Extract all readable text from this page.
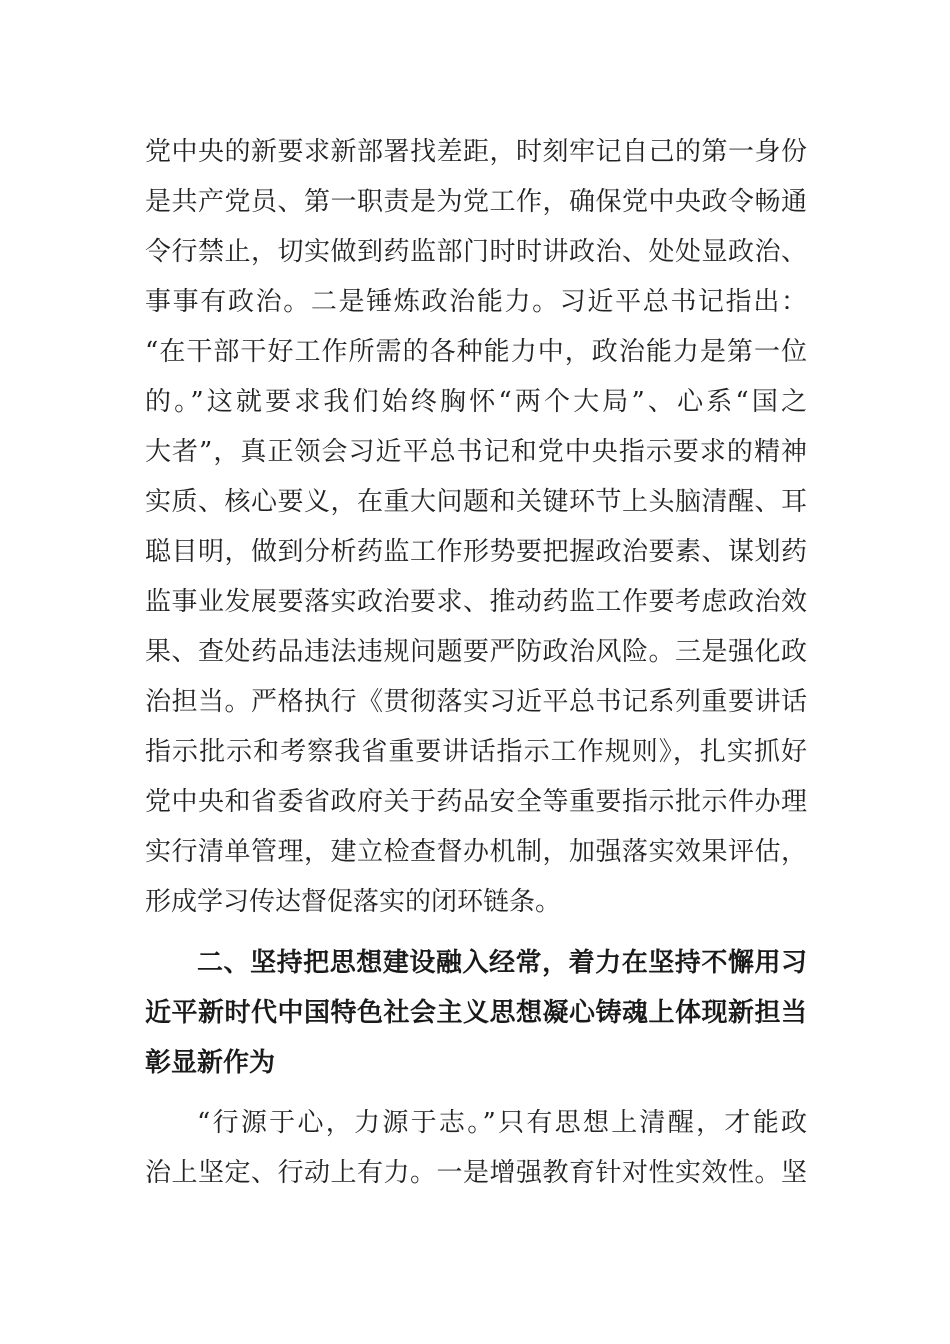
党中央的新要求新部署找差距，时刻牢记自己的第一身份
是共产党员、第一职责是为党工作，确保党中央政令畅通
令行禁止，切实做到药监部门时时讲政治、处处显政治、
事事有政治。二是锤炼政治能力。习近平总书记指出：
“在干部干好工作所需的各种能力中，政治能力是第一位
的。”这就要求我们始终胸怀“两个大局”、心系“国之
大者”，真正领会习近平总书记和党中央指示要求的精神
实质、核心要义，在重大问题和关键环节上头脑清醒、耳
聪目明，做到分析药监工作形势要把握政治要素、谋划药
监事业发展要落实政治要求、推动药监工作要考虑政治效
果、查处药品违法违规问题要严防政治风险。三是强化政
治担当。严格执行《贯彻落实习近平总书记系列重要讲话
指示批示和考察我省重要讲话指示工作规则》，扎实抓好
党中央和省委省政府关于药品安全等重要指示批示件办理
实行清单管理，建立检查督办机制，加强落实效果评估，
形成学习传达督促落实的闭环链条。
二、坚持把思想建设融入经常，着力在坚持不懈用习
近平新时代中国特色社会主义思想凝心铸魂上体现新担当
彰显新作为
“行源于心，力源于志。”只有思想上清醒，才能政
治上坚定、行动上有力。一是增强教育针对性实效性。坚
